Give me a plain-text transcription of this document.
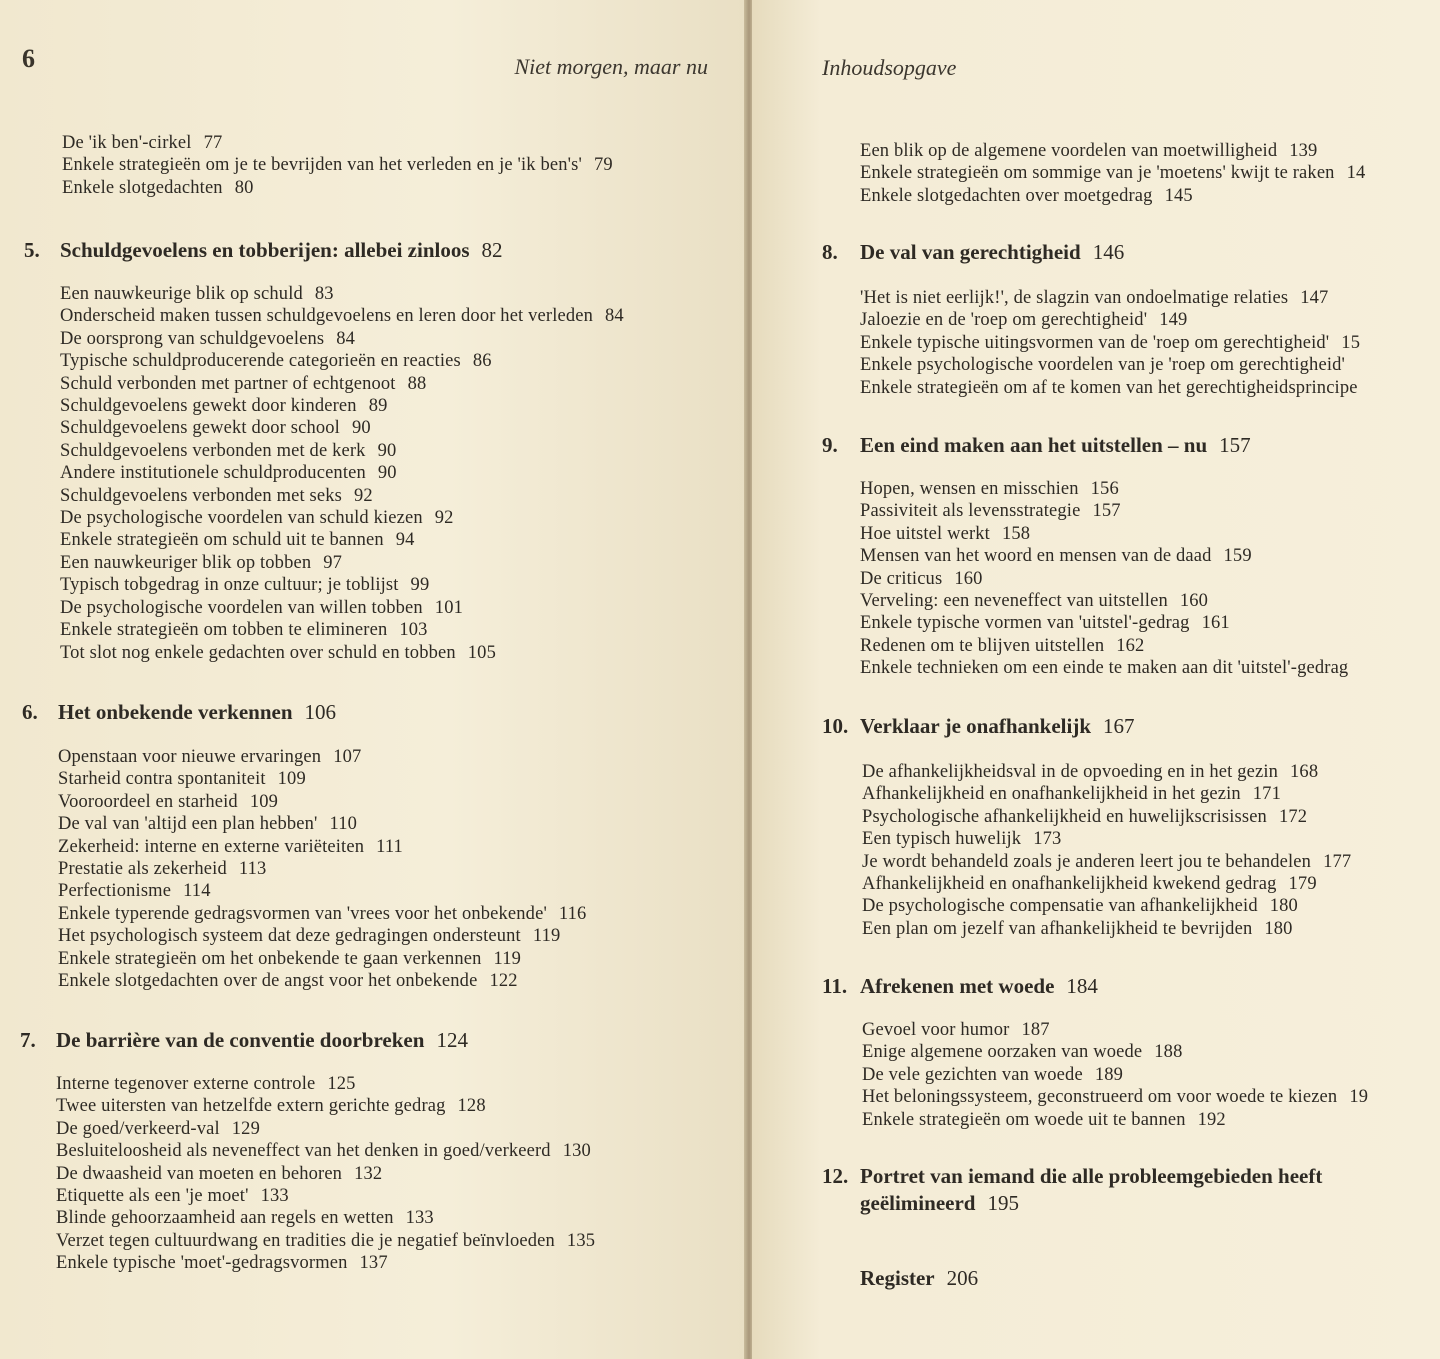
6	Niet morgen, maar nu
De 'ik ben'-cirkel 77
Enkele strategieën om je te bevrijden van het verleden en je 'ik ben's' 79
Enkele slotgedachten 80
5. Schuldgevoelens en tobberijen: allebei zinloos 82
Een nauwkeurige blik op schuld 83
Onderscheid maken tussen schuldgevoelens en leren door het verleden 84
De oorsprong van schuldgevoelens 84
Typische schuldproducerende categorieën en reacties 86
Schuld verbonden met partner of echtgenoot 88
Schuldgevoelens gewekt door kinderen 89
Schuldgevoelens gewekt door school 90
Schuldgevoelens verbonden met de kerk 90
Andere institutionele schuldproducenten 90
Schuldgevoelens verbonden met seks 92
De psychologische voordelen van schuld kiezen 92
Enkele strategieën om schuld uit te bannen 94
Een nauwkeuriger blik op tobben 97
Typisch tobgedrag in onze cultuur; je toblijst 99
De psychologische voordelen van willen tobben 101
Enkele strategieën om tobben te elimineren 103
Tot slot nog enkele gedachten over schuld en tobben 105
6. Het onbekende verkennen 106
Openstaan voor nieuwe ervaringen 107
Starheid contra spontaniteit 109
Vooroordeel en starheid 109
De val van 'altijd een plan hebben' 110
Zekerheid: interne en externe variëteiten 111
Prestatie als zekerheid 113
Perfectionisme 114
Enkele typerende gedragsvormen van 'vrees voor het onbekende' 116
Het psychologisch systeem dat deze gedragingen ondersteunt 119
Enkele strategieën om het onbekende te gaan verkennen 119
Enkele slotgedachten over de angst voor het onbekende 122
7. De barrière van de conventie doorbreken 124
Interne tegenover externe controle 125
Twee uitersten van hetzelfde extern gerichte gedrag 128
De goed/verkeerd-val 129
Besluiteloosheid als neveneffect van het denken in goed/verkeerd 130
De dwaasheid van moeten en behoren 132
Etiquette als een 'je moet' 133
Blinde gehoorzaamheid aan regels en wetten 133
Verzet tegen cultuurdwang en tradities die je negatief beïnvloeden 135
Enkele typische 'moet'-gedragsvormen 137
Inhoudsopgave
Een blik op de algemene voordelen van moetwilligheid 139
Enkele strategieën om sommige van je 'moetens' kwijt te raken 14
Enkele slotgedachten over moetgedrag 145
8. De val van gerechtigheid 146
'Het is niet eerlijk!', de slagzin van ondoelmatige relaties 147
Jaloezie en de 'roep om gerechtigheid' 149
Enkele typische uitingsvormen van de 'roep om gerechtigheid' 15
Enkele psychologische voordelen van je 'roep om gerechtigheid'
Enkele strategieën om af te komen van het gerechtigheidsprincipe
9. Een eind maken aan het uitstellen – nu 157
Hopen, wensen en misschien 156
Passiviteit als levensstrategie 157
Hoe uitstel werkt 158
Mensen van het woord en mensen van de daad 159
De criticus 160
Verveling: een neveneffect van uitstellen 160
Enkele typische vormen van 'uitstel'-gedrag 161
Redenen om te blijven uitstellen 162
Enkele technieken om een einde te maken aan dit 'uitstel'-gedrag
10. Verklaar je onafhankelijk 167
De afhankelijkheidsval in de opvoeding en in het gezin 168
Afhankelijkheid en onafhankelijkheid in het gezin 171
Psychologische afhankelijkheid en huwelijkscrisissen 172
Een typisch huwelijk 173
Je wordt behandeld zoals je anderen leert jou te behandelen 177
Afhankelijkheid en onafhankelijkheid kwekend gedrag 179
De psychologische compensatie van afhankelijkheid 180
Een plan om jezelf van afhankelijkheid te bevrijden 180
11. Afrekenen met woede 184
Gevoel voor humor 187
Enige algemene oorzaken van woede 188
De vele gezichten van woede 189
Het beloningssysteem, geconstrueerd om voor woede te kiezen 19
Enkele strategieën om woede uit te bannen 192
12. Portret van iemand die alle probleemgebieden heeft
geëlimineerd 195
Register 206
